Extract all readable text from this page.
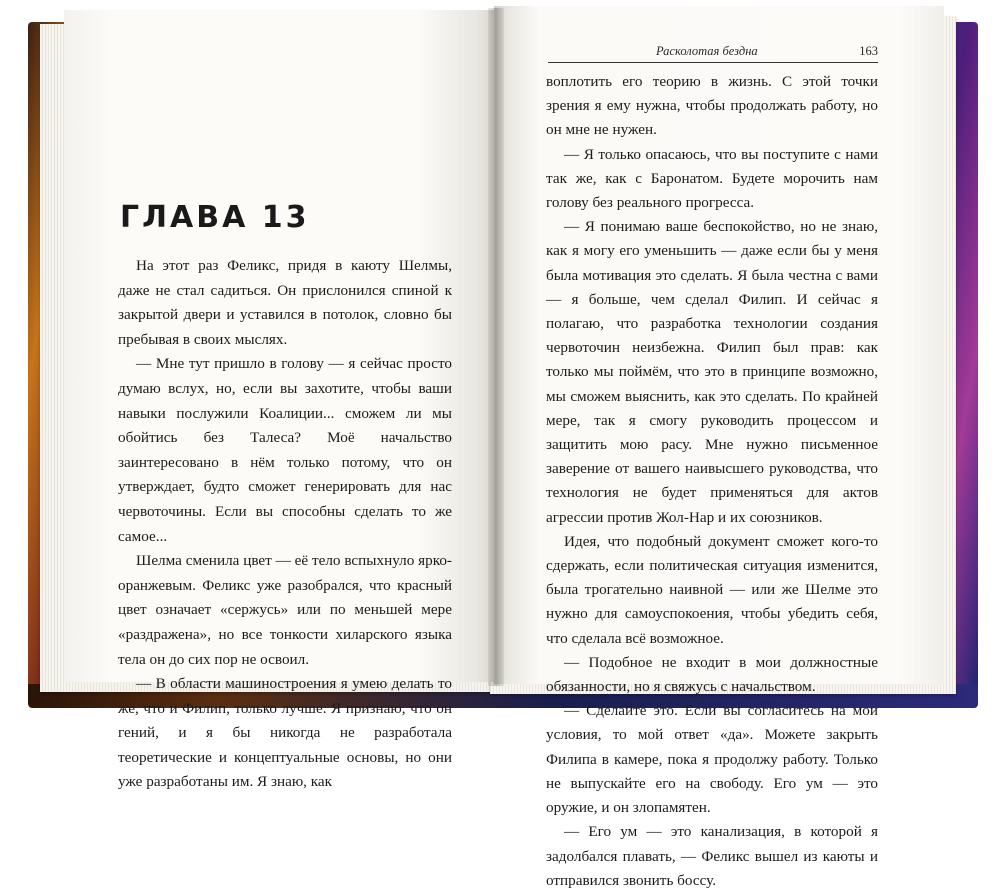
ГЛАВА 13

На этот раз Феликс, придя в каюту Шелмы, даже не стал садиться. Он прислонился спиной к закрытой двери и уставился в потолок, словно бы пребывая в своих мыслях.

— Мне тут пришло в голову — я сейчас просто думаю вслух, но, если вы захотите, чтобы ваши навыки послужили Коалиции... сможем ли мы обойтись без Талеса? Моё начальство заинтересовано в нём только потому, что он утверждает, будто сможет генерировать для нас червоточины. Если вы способны сделать то же самое...

Шелма сменила цвет — её тело вспыхнуло ярко-оранжевым. Феликс уже разобрался, что красный цвет означает «сержусь» или по меньшей мере «раздражена», но все тонкости хиларского языка тела он до сих пор не освоил.

— В области машиностроения я умею делать то же, что и Филип, только лучше. Я признаю, что он гений, и я бы никогда не разработала теоретические и концептуальные основы, но они уже разработаны им. Я знаю, как

Расколотая бездна	163

воплотить его теорию в жизнь. С этой точки зрения я ему нужна, чтобы продолжать работу, но он мне не нужен.

— Я только опасаюсь, что вы поступите с нами так же, как с Баронатом. Будете морочить нам голову без реального прогресса.

— Я понимаю ваше беспокойство, но не знаю, как я могу его уменьшить — даже если бы у меня была мотивация это сделать. Я была честна с вами — я больше, чем сделал Филип. И сейчас я полагаю, что разработка технологии создания червоточин неизбежна. Филип был прав: как только мы поймём, что это в принципе возможно, мы сможем выяснить, как это сделать. По крайней мере, так я смогу руководить процессом и защитить мою расу. Мне нужно письменное заверение от вашего наивысшего руководства, что технология не будет применяться для актов агрессии против Жол-Нар и их союзников.

Идея, что подобный документ сможет кого-то сдержать, если политическая ситуация изменится, была трогательно наивной — или же Шелме это нужно для самоуспокоения, чтобы убедить себя, что сделала всё возможное.

— Подобное не входит в мои должностные обязанности, но я свяжусь с начальством.

— Сделайте это. Если вы согласитесь на мои условия, то мой ответ «да». Можете закрыть Филипа в камере, пока я продолжу работу. Только не выпускайте его на свободу. Его ум — это оружие, и он злопамятен.

— Его ум — это канализация, в которой я задолбался плавать, — Феликс вышел из каюты и отправился звонить боссу.
